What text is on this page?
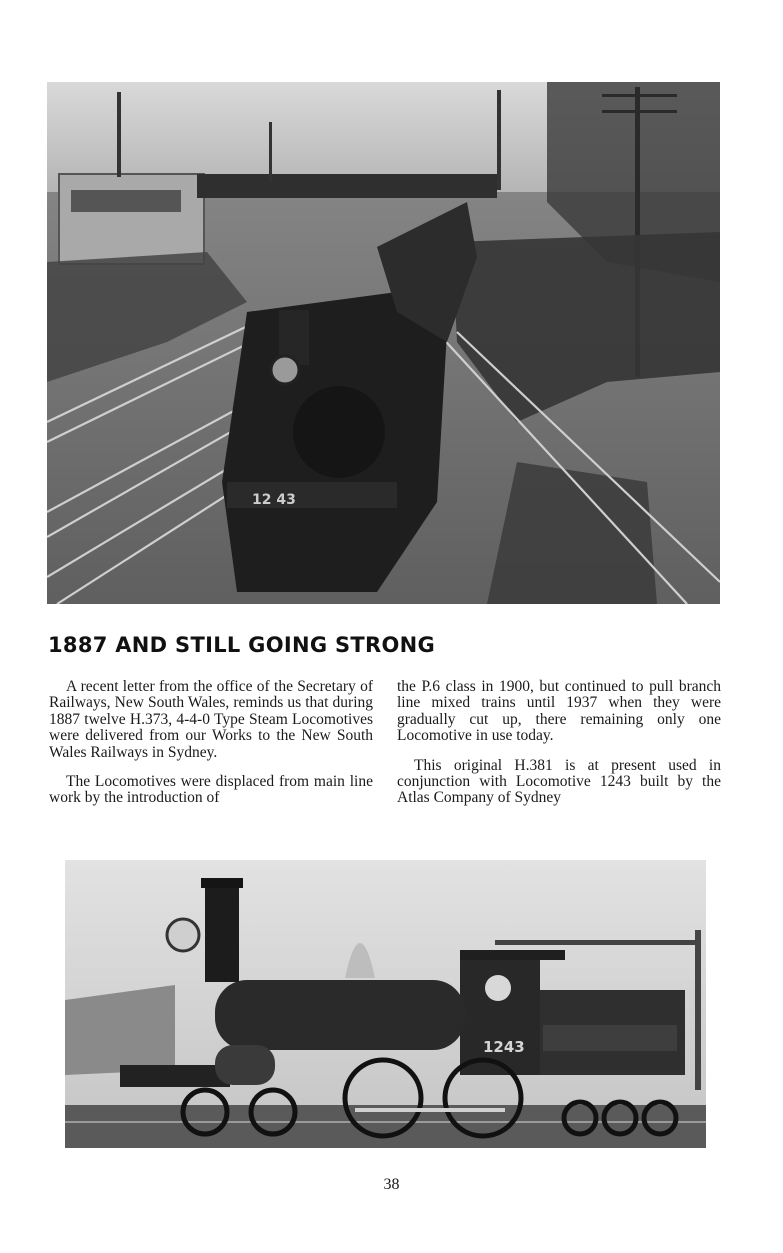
12 43
1887 AND STILL GOING STRONG

A recent letter from the office of the Secretary of Railways, New South Wales, reminds us that during 1887 twelve H.373, 4-4-0 Type Steam Locomotives were delivered from our Works to the New South Wales Railways in Sydney.

The Locomotives were displaced from main line work by the introduction of

the P.6 class in 1900, but continued to pull branch line mixed trains until 1937 when they were gradually cut up, there remaining only one Locomotive in use today.

This original H.381 is at present used in conjunction with Locomotive 1243 built by the Atlas Company of Sydney

1243
38
